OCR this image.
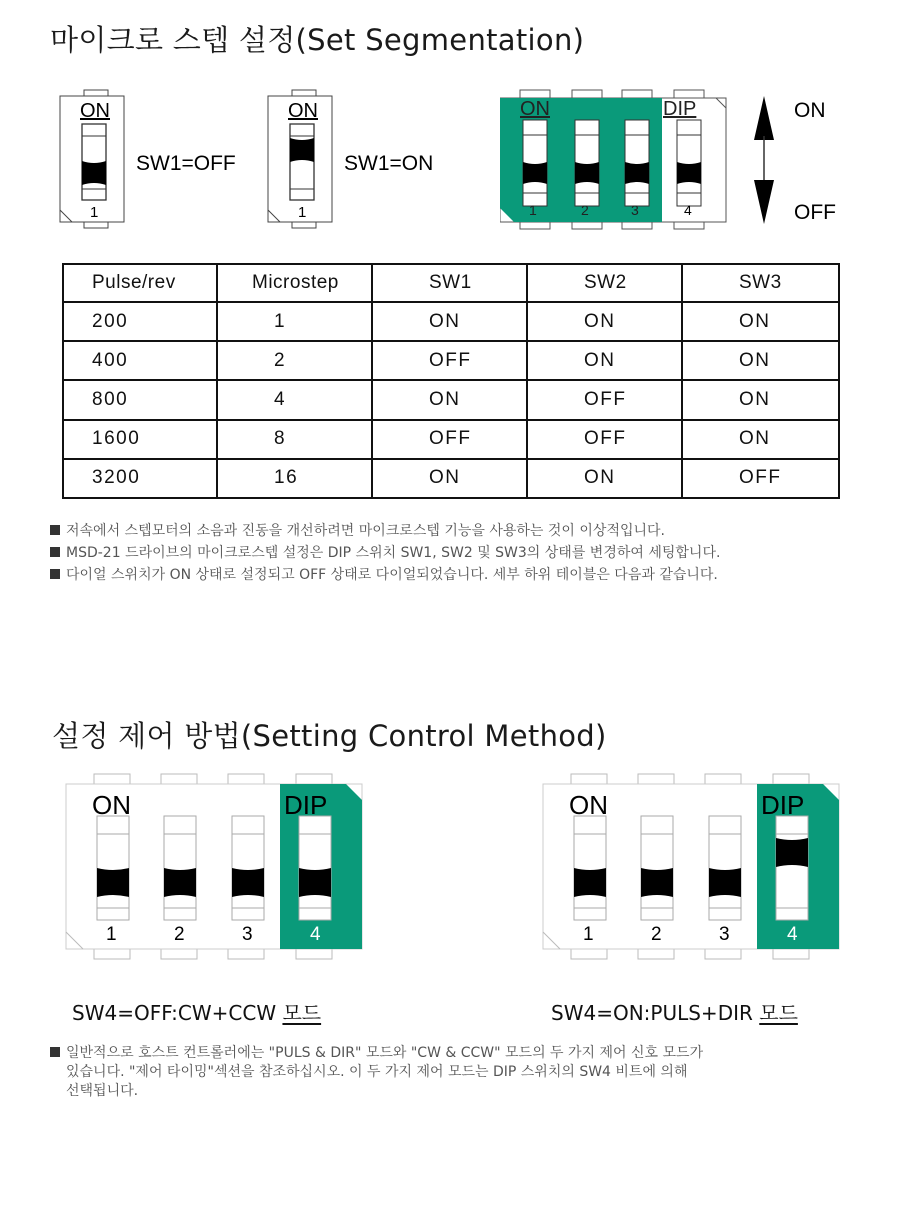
마이크로 스텝 설정(Set Segmentation)
ON
1
SW1=OFF
ON
1
SW1=ON
ON	DIP
1	2	3	4
ON
OFF
Pulse/rev	Microstep	SW1	SW2	SW3
200	1	ON	ON	ON
400	2	OFF	ON	ON
800	4	ON	OFF	ON
1600	8	OFF	OFF	ON
3200	16	ON	ON	OFF
저속에서 스텝모터의 소음과 진동을 개선하려면 마이크로스텝 기능을 사용하는 것이 이상적입니다.
MSD-21 드라이브의 마이크로스텝 설정은 DIP 스위치 SW1, SW2 및 SW3의 상태를 변경하여 세팅합니다.
다이얼 스위치가 ON 상태로 설정되고 OFF 상태로 다이얼되었습니다. 세부 하위 테이블은 다음과 같습니다.
설정 제어 방법(Setting Control Method)
ON	DIP
1	2	3	4
ON	DIP
1	2	3	4
SW4=OFF:CW+CCW 모드	SW4=ON:PULS+DIR 모드
일반적으로 호스트 컨트롤러에는 "PULS & DIR" 모드와 "CW & CCW" 모드의 두 가지 제어 신호 모드가
있습니다. "제어 타이밍"섹션을 참조하십시오. 이 두 가지 제어 모드는 DIP 스위치의 SW4 비트에 의해
선택됩니다.
